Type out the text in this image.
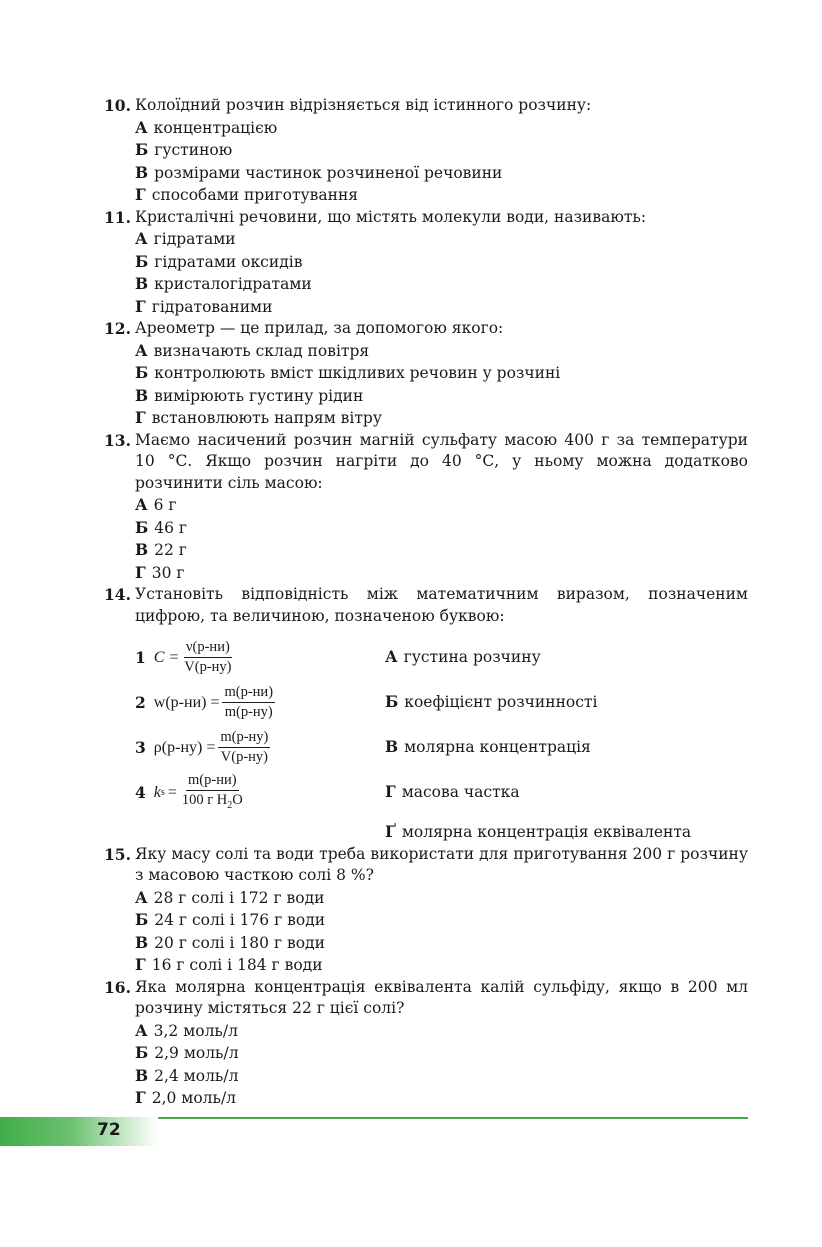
10. Колоїдний розчин відрізняється від істинного розчину:
А концентрацією
Б густиною
В розмірами частинок розчиненої речовини
Г способами приготування
11. Кристалічні речовини, що містять молекули води, називають:
А гідратами
Б гідратами оксидів
В кристалогідратами
Г гідратованими
12. Ареометр — це прилад, за допомогою якого:
А визначають склад повітря
Б контролюють вміст шкідливих речовин у розчині
В вимірюють густину рідин
Г встановлюють напрям вітру
13. Маємо насичений розчин магній сульфату масою 400 г за температури 10 °С. Якщо розчин нагріти до 40 °С, у ньому можна додатково розчинити сіль масою:
А 6 г
Б 46 г
В 22 г
Г 30 г
14. Установіть відповідність між математичним виразом, позначеним цифрою, та величиною, позначеною буквою:
1 $C = \frac{\nu(р-ни)}{V(р-ну)}$	А густина розчину
2 $w(р-ни) = \frac{m(р-ни)}{m(р-ну)}$	Б коефіцієнт розчинності
3 $\rho(р-ну) = \frac{m(р-ну)}{V(р-ну)}$	В молярна концентрація
4 k $s = \frac{m(р-ни)}{100 г H_2O}$	Г масова частка
Ґ молярна концентрація еквівалента
15. Яку масу солі та води треба використати для приготування 200 г розчину з масовою часткою солі 8 %?
А 28 г солі і 172 г води
Б 24 г солі і 176 г води
В 20 г солі і 180 г води
Г 16 г солі і 184 г води
16. Яка молярна концентрація еквівалента калій сульфіду, якщо в 200 мл розчину містяться 22 г цієї солі?
А 3,2 моль/л
Б 2,9 моль/л
В 2,4 моль/л
Г 2,0 моль/л
72
